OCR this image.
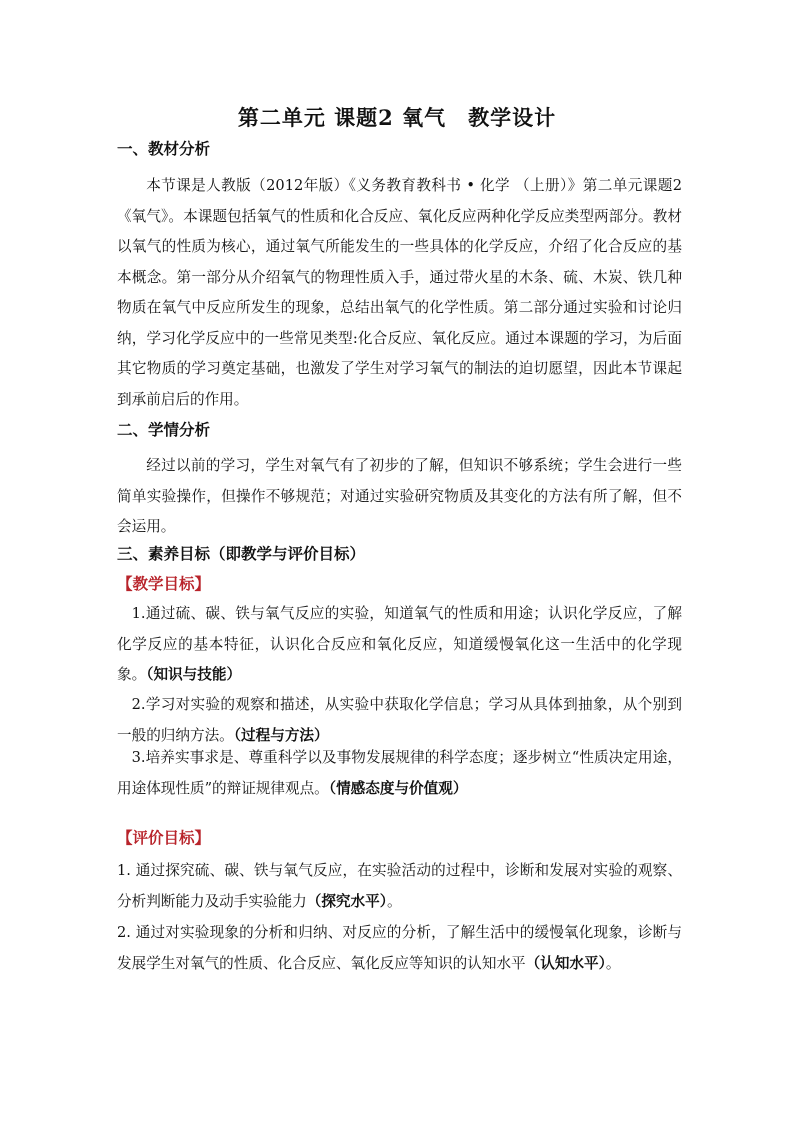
第二单元 课题2 氧气　教学设计
一、教材分析
本节课是人教版（2012年版）《义务教育教科书 • 化学 （上册）》第二单元课题2《氧气》。本课题包括氧气的性质和化合反应、氧化反应两种化学反应类型两部分。教材以氧气的性质为核心，通过氧气所能发生的一些具体的化学反应，介绍了化合反应的基本概念。第一部分从介绍氧气的物理性质入手，通过带火星的木条、硫、木炭、铁几种物质在氧气中反应所发生的现象，总结出氧气的化学性质。第二部分通过实验和讨论归纳，学习化学反应中的一些常见类型:化合反应、氧化反应。通过本课题的学习，为后面其它物质的学习奠定基础，也激发了学生对学习氧气的制法的迫切愿望，因此本节课起到承前启后的作用。
二、学情分析
经过以前的学习，学生对氧气有了初步的了解，但知识不够系统；学生会进行一些简单实验操作，但操作不够规范；对通过实验研究物质及其变化的方法有所了解，但不会运用。
三、素养目标（即教学与评价目标）
【教学目标】
1.通过硫、碳、铁与氧气反应的实验，知道氧气的性质和用途；认识化学反应，了解化学反应的基本特征，认识化合反应和氧化反应，知道缓慢氧化这一生活中的化学现象。（知识与技能）
2.学习对实验的观察和描述，从实验中获取化学信息；学习从具体到抽象，从个别到一般的归纳方法。（过程与方法）
3.培养实事求是、尊重科学以及事物发展规律的科学态度；逐步树立“性质决定用途，用途体现性质”的辩证规律观点。（情感态度与价值观）
【评价目标】
1. 通过探究硫、碳、铁与氧气反应，在实验活动的过程中，诊断和发展对实验的观察、分析判断能力及动手实验能力（探究水平）。
2. 通过对实验现象的分析和归纳、对反应的分析，了解生活中的缓慢氧化现象，诊断与发展学生对氧气的性质、化合反应、氧化反应等知识的认知水平（认知水平）。
